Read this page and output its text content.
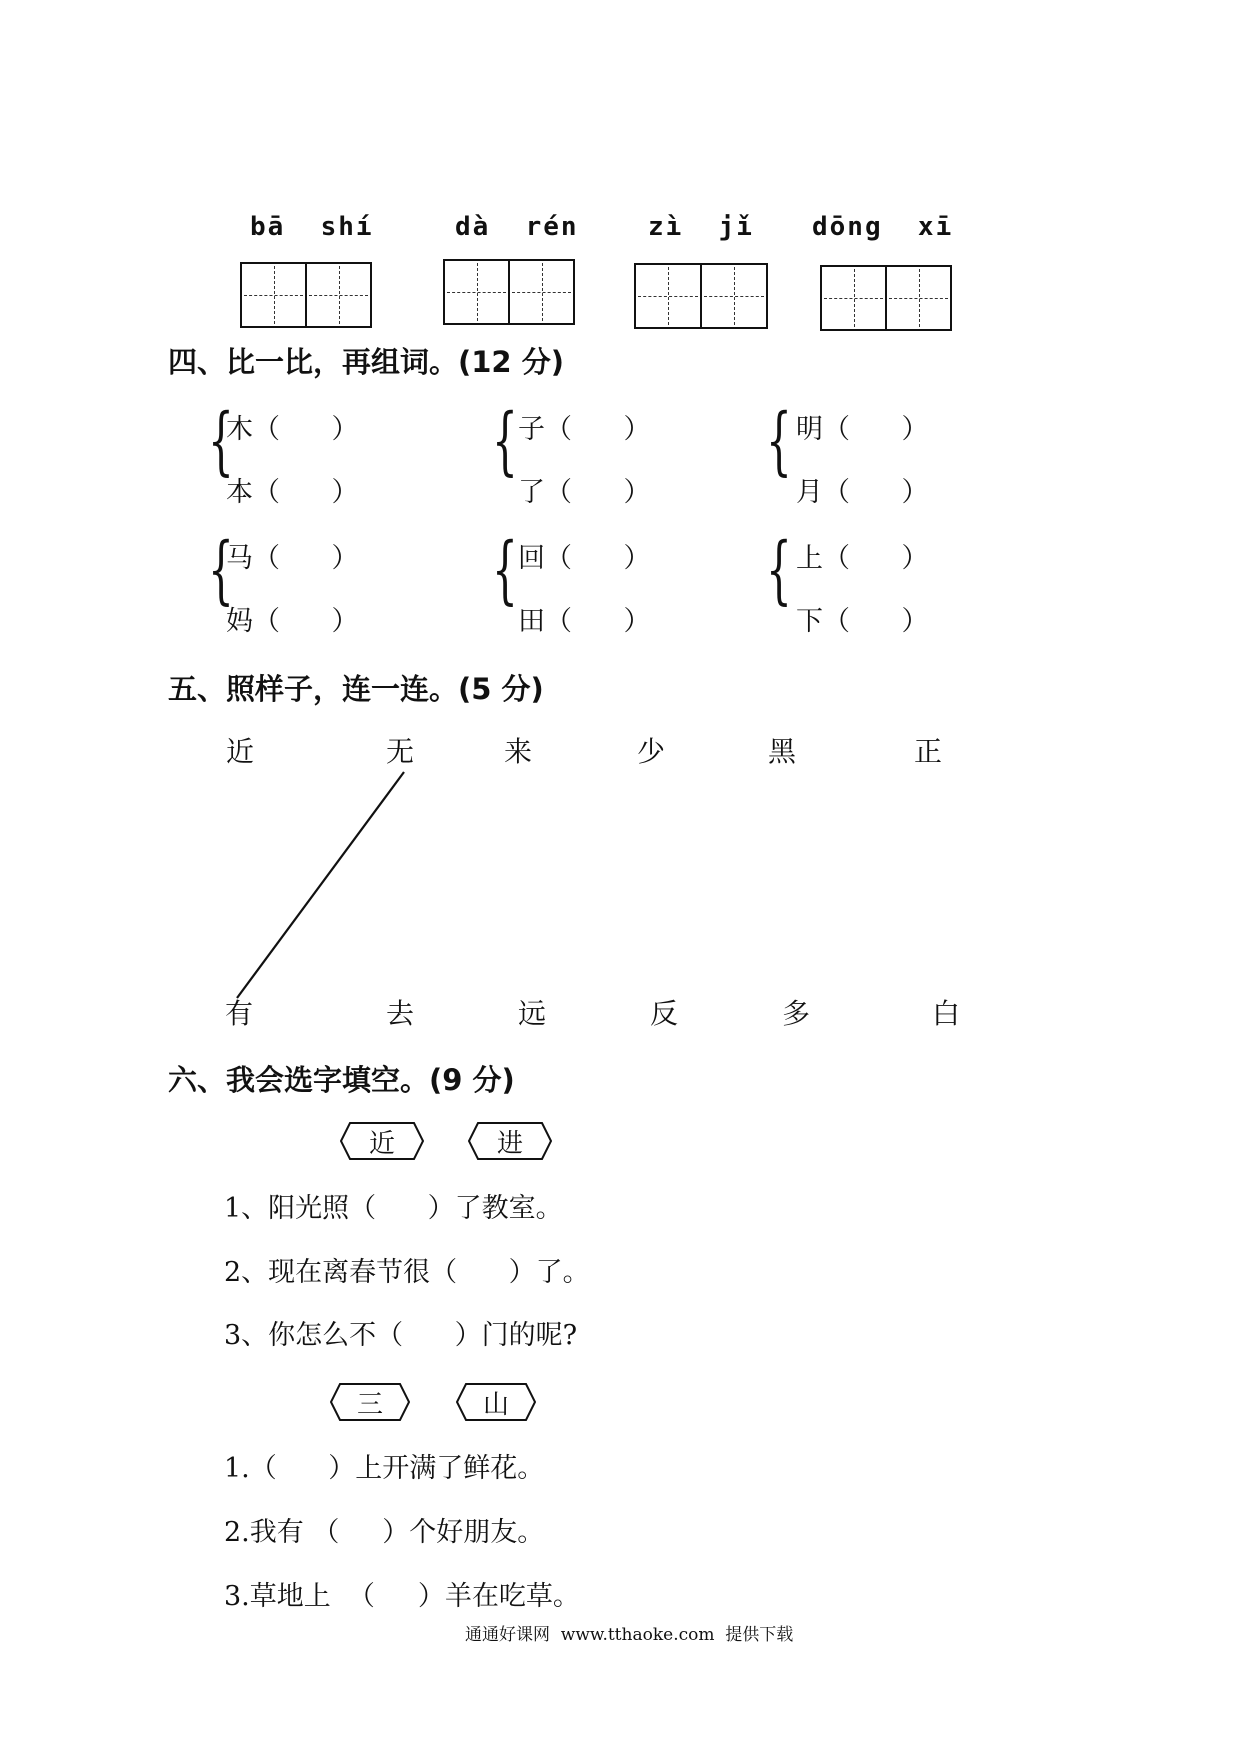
bā  shí	dà  rén	zì  jǐ dōng  xī
四、比一比，再组词。(12 分)
{
木（      ）
本（      ）
{ 子（      ）
了（      ）
{ 明（      ）
月（      ）
{
马（      ）
妈（      ）
{ 回（      ）
田（      ）
{ 上（      ）
下（      ）
五、照样子，连一连。(5 分)
近	无	来	少	黑	正
有	去	远	反	多	白
六、我会选字填空。(9 分)
近	进
1、阳光照（      ）了教室。
2、现在离春节很（      ）了。
3、你怎么不（      ）门的呢?
三	山
1.（      ）上开满了鲜花。
2.我有 （     ）个好朋友。
3.草地上  （     ）羊在吃草。
通通好课网  www.tthaoke.com  提供下载
